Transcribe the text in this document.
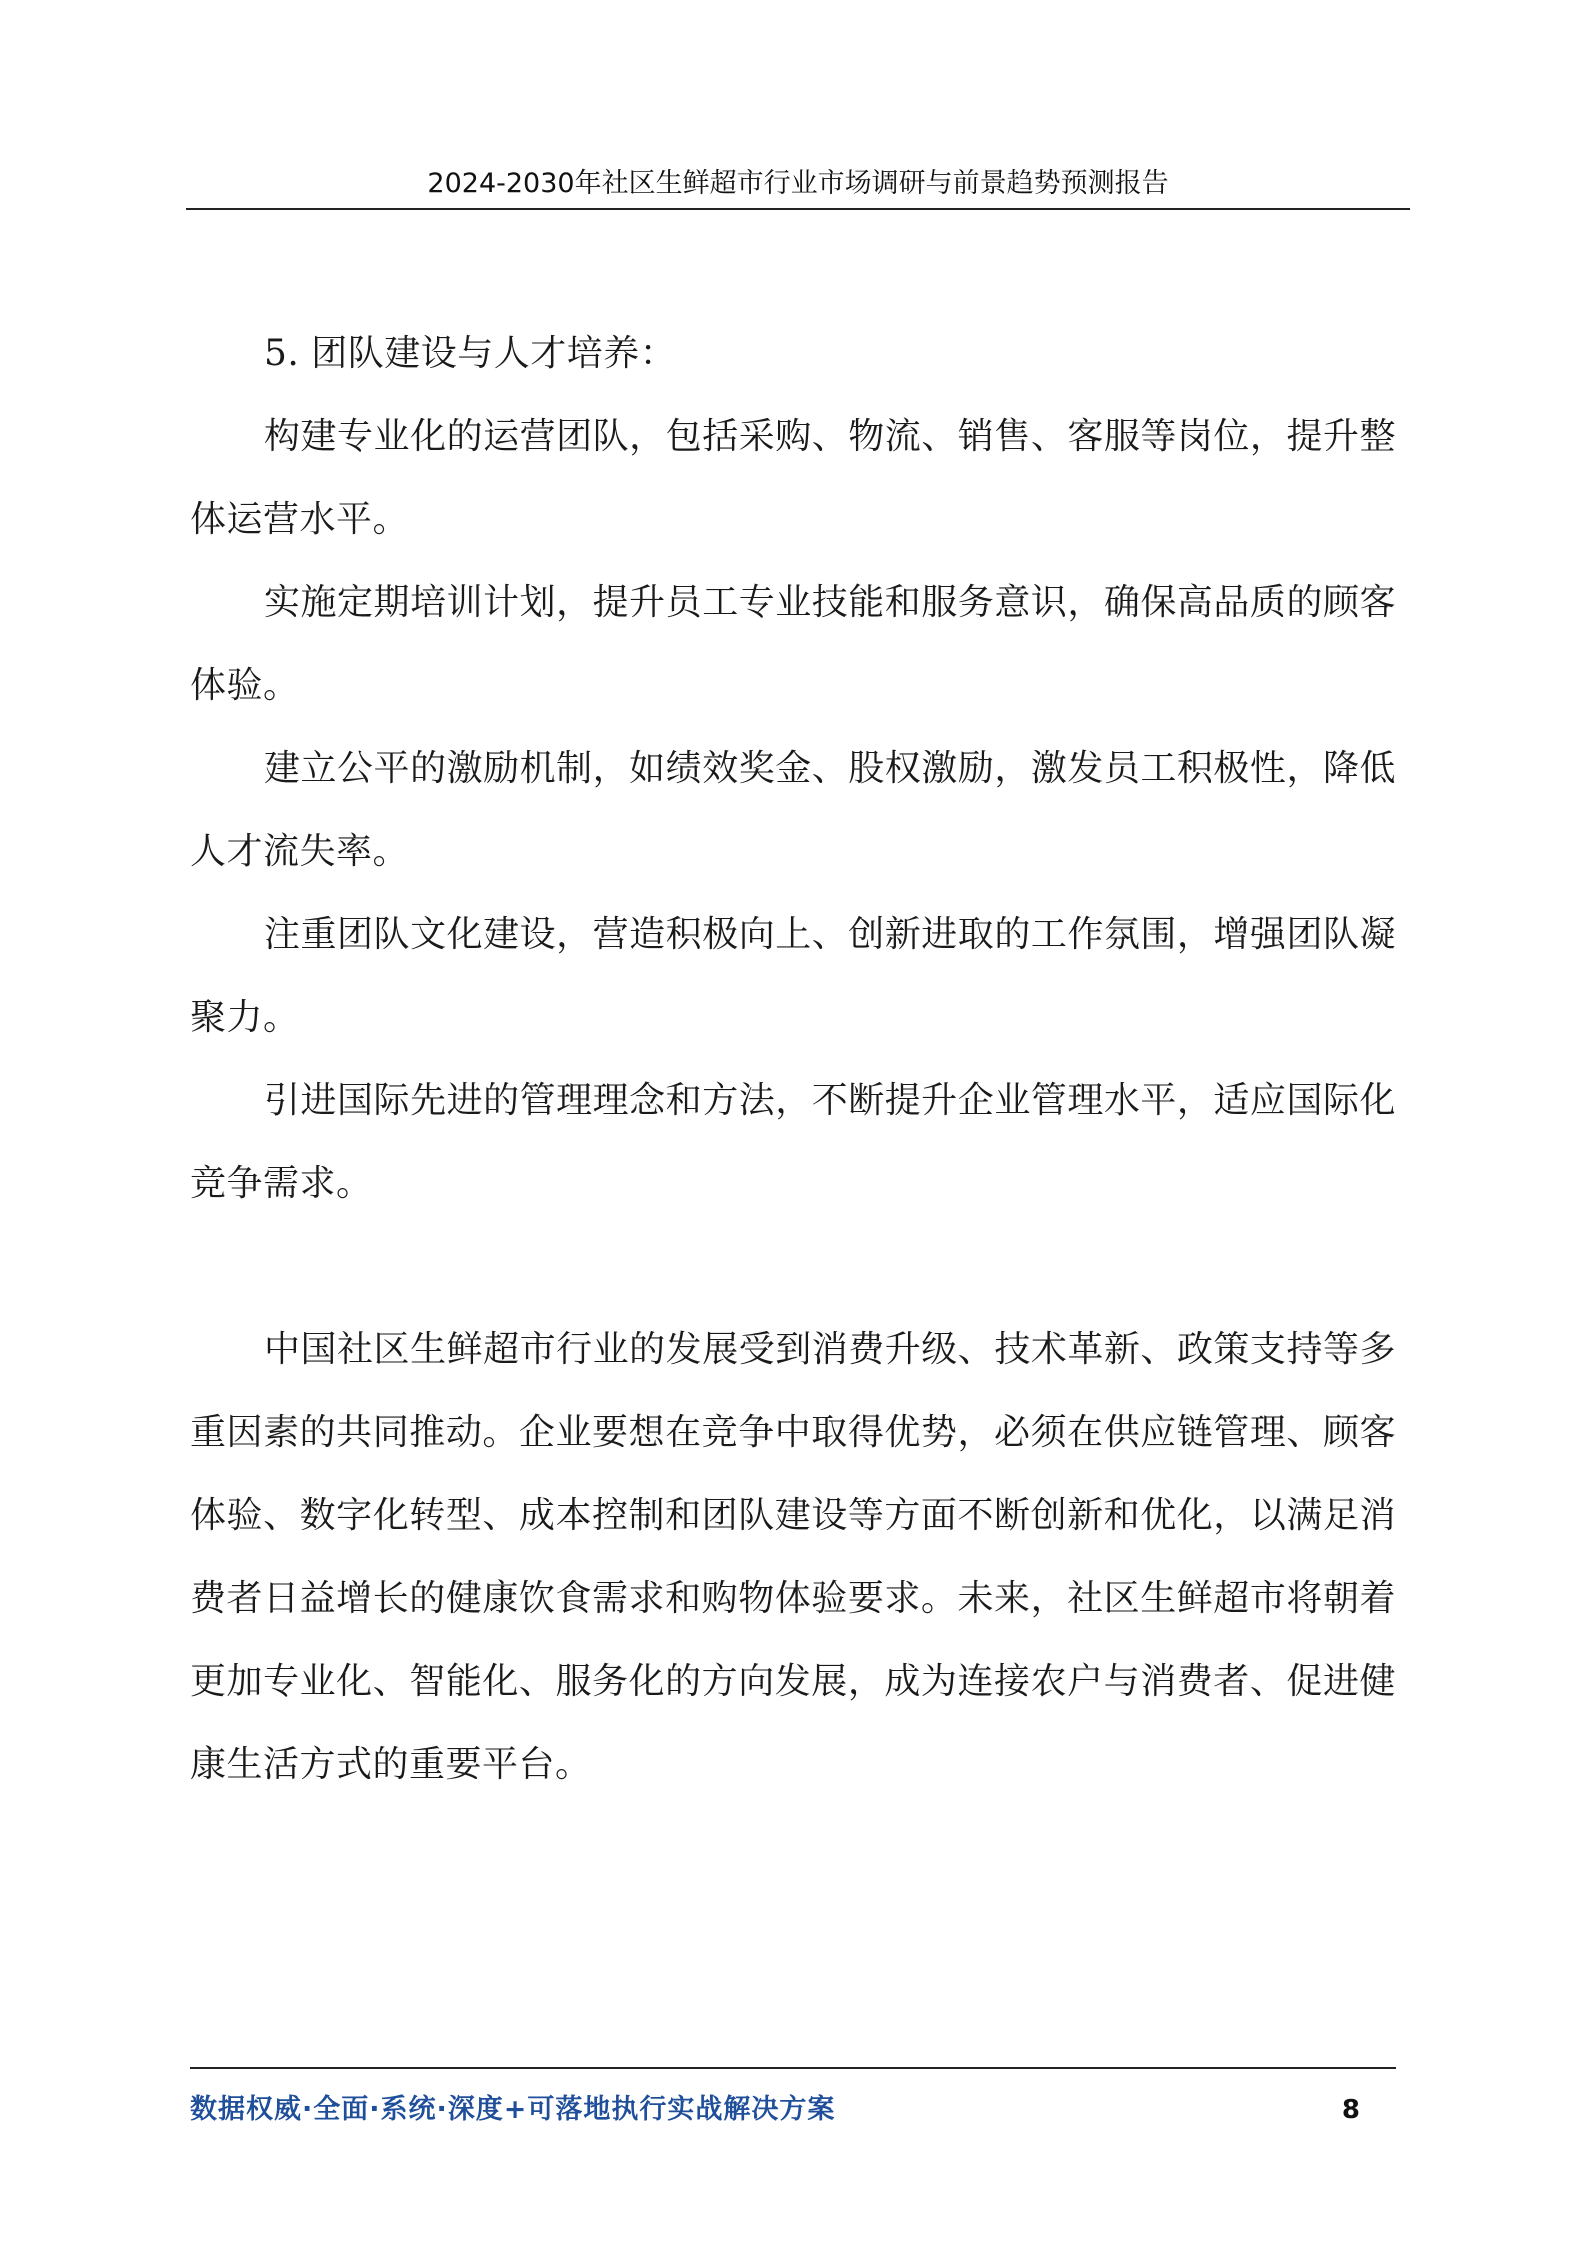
2024-2030年社区生鲜超市行业市场调研与前景趋势预测报告

5. 团队建设与人才培养：

构建专业化的运营团队，包括采购、物流、销售、客服等岗位，提升整体运营水平。

实施定期培训计划，提升员工专业技能和服务意识，确保高品质的顾客体验。

建立公平的激励机制，如绩效奖金、股权激励，激发员工积极性，降低人才流失率。

注重团队文化建设，营造积极向上、创新进取的工作氛围，增强团队凝聚力。

引进国际先进的管理理念和方法，不断提升企业管理水平，适应国际化竞争需求。

中国社区生鲜超市行业的发展受到消费升级、技术革新、政策支持等多重因素的共同推动。企业要想在竞争中取得优势，必须在供应链管理、顾客体验、数字化转型、成本控制和团队建设等方面不断创新和优化，以满足消费者日益增长的健康饮食需求和购物体验要求。未来，社区生鲜超市将朝着更加专业化、智能化、服务化的方向发展，成为连接农户与消费者、促进健康生活方式的重要平台。

数据权威·全面·系统·深度+可落地执行实战解决方案	8
